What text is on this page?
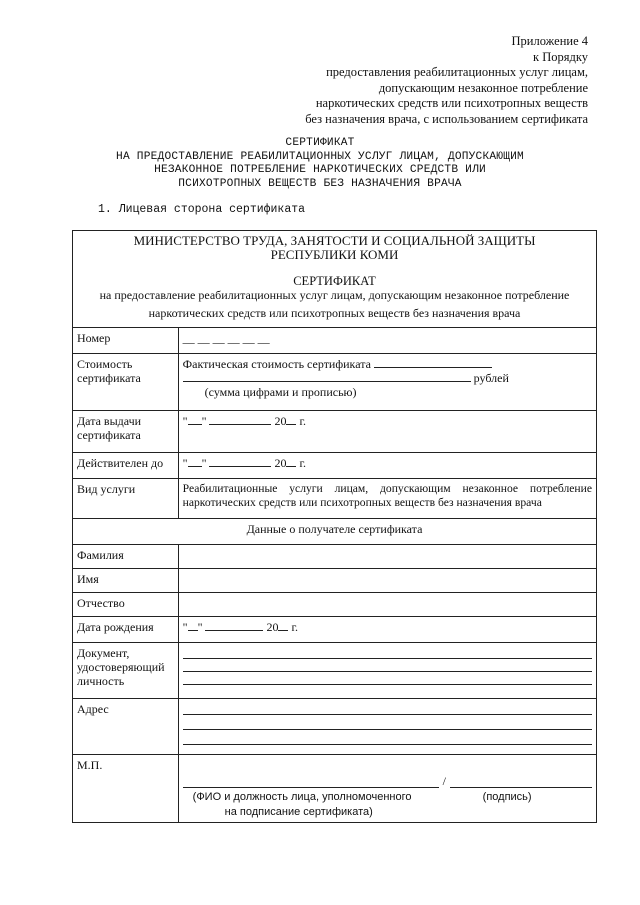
Приложение 4
к Порядку
предоставления реабилитационных услуг лицам,
допускающим незаконное потребление
наркотических средств или психотропных веществ
без назначения врача, с использованием сертификата
СЕРТИФИКАТ
НА ПРЕДОСТАВЛЕНИЕ РЕАБИЛИТАЦИОННЫХ УСЛУГ ЛИЦАМ, ДОПУСКАЮЩИМ
НЕЗАКОННОЕ ПОТРЕБЛЕНИЕ НАРКОТИЧЕСКИХ СРЕДСТВ ИЛИ
ПСИХОТРОПНЫХ ВЕЩЕСТВ БЕЗ НАЗНАЧЕНИЯ ВРАЧА
1. Лицевая сторона сертификата
МИНИСТЕРСТВО ТРУДА, ЗАНЯТОСТИ И СОЦИАЛЬНОЙ ЗАЩИТЫ
РЕСПУБЛИКИ КОМИ
СЕРТИФИКАТ
на предоставление реабилитационных услуг лицам, допускающим незаконное потребление
наркотических средств или психотропных веществ без назначения врача	

Номер	__ __ __ __ __ __
Стоимость сертификата	Фактическая стоимость сертификата
рублей
(сумма цифрами и прописью)

Дата выдачи сертификата	" " 20 г.
Действителен до	" " 20 г.
Вид услуги	Реабилитационные услуги лицам, допускающим незаконное потребление
наркотических средств или психотропных веществ без назначения врача

Данные о получателе сертификата	
Фамилия	
Имя	
Отчество	
Дата рождения	" " 20 г.
Документ, удостоверяющий личность	

Адрес	

М.П.	/
(ФИО и должность лица, уполномоченного (подпись)
на подписание сертификата)
